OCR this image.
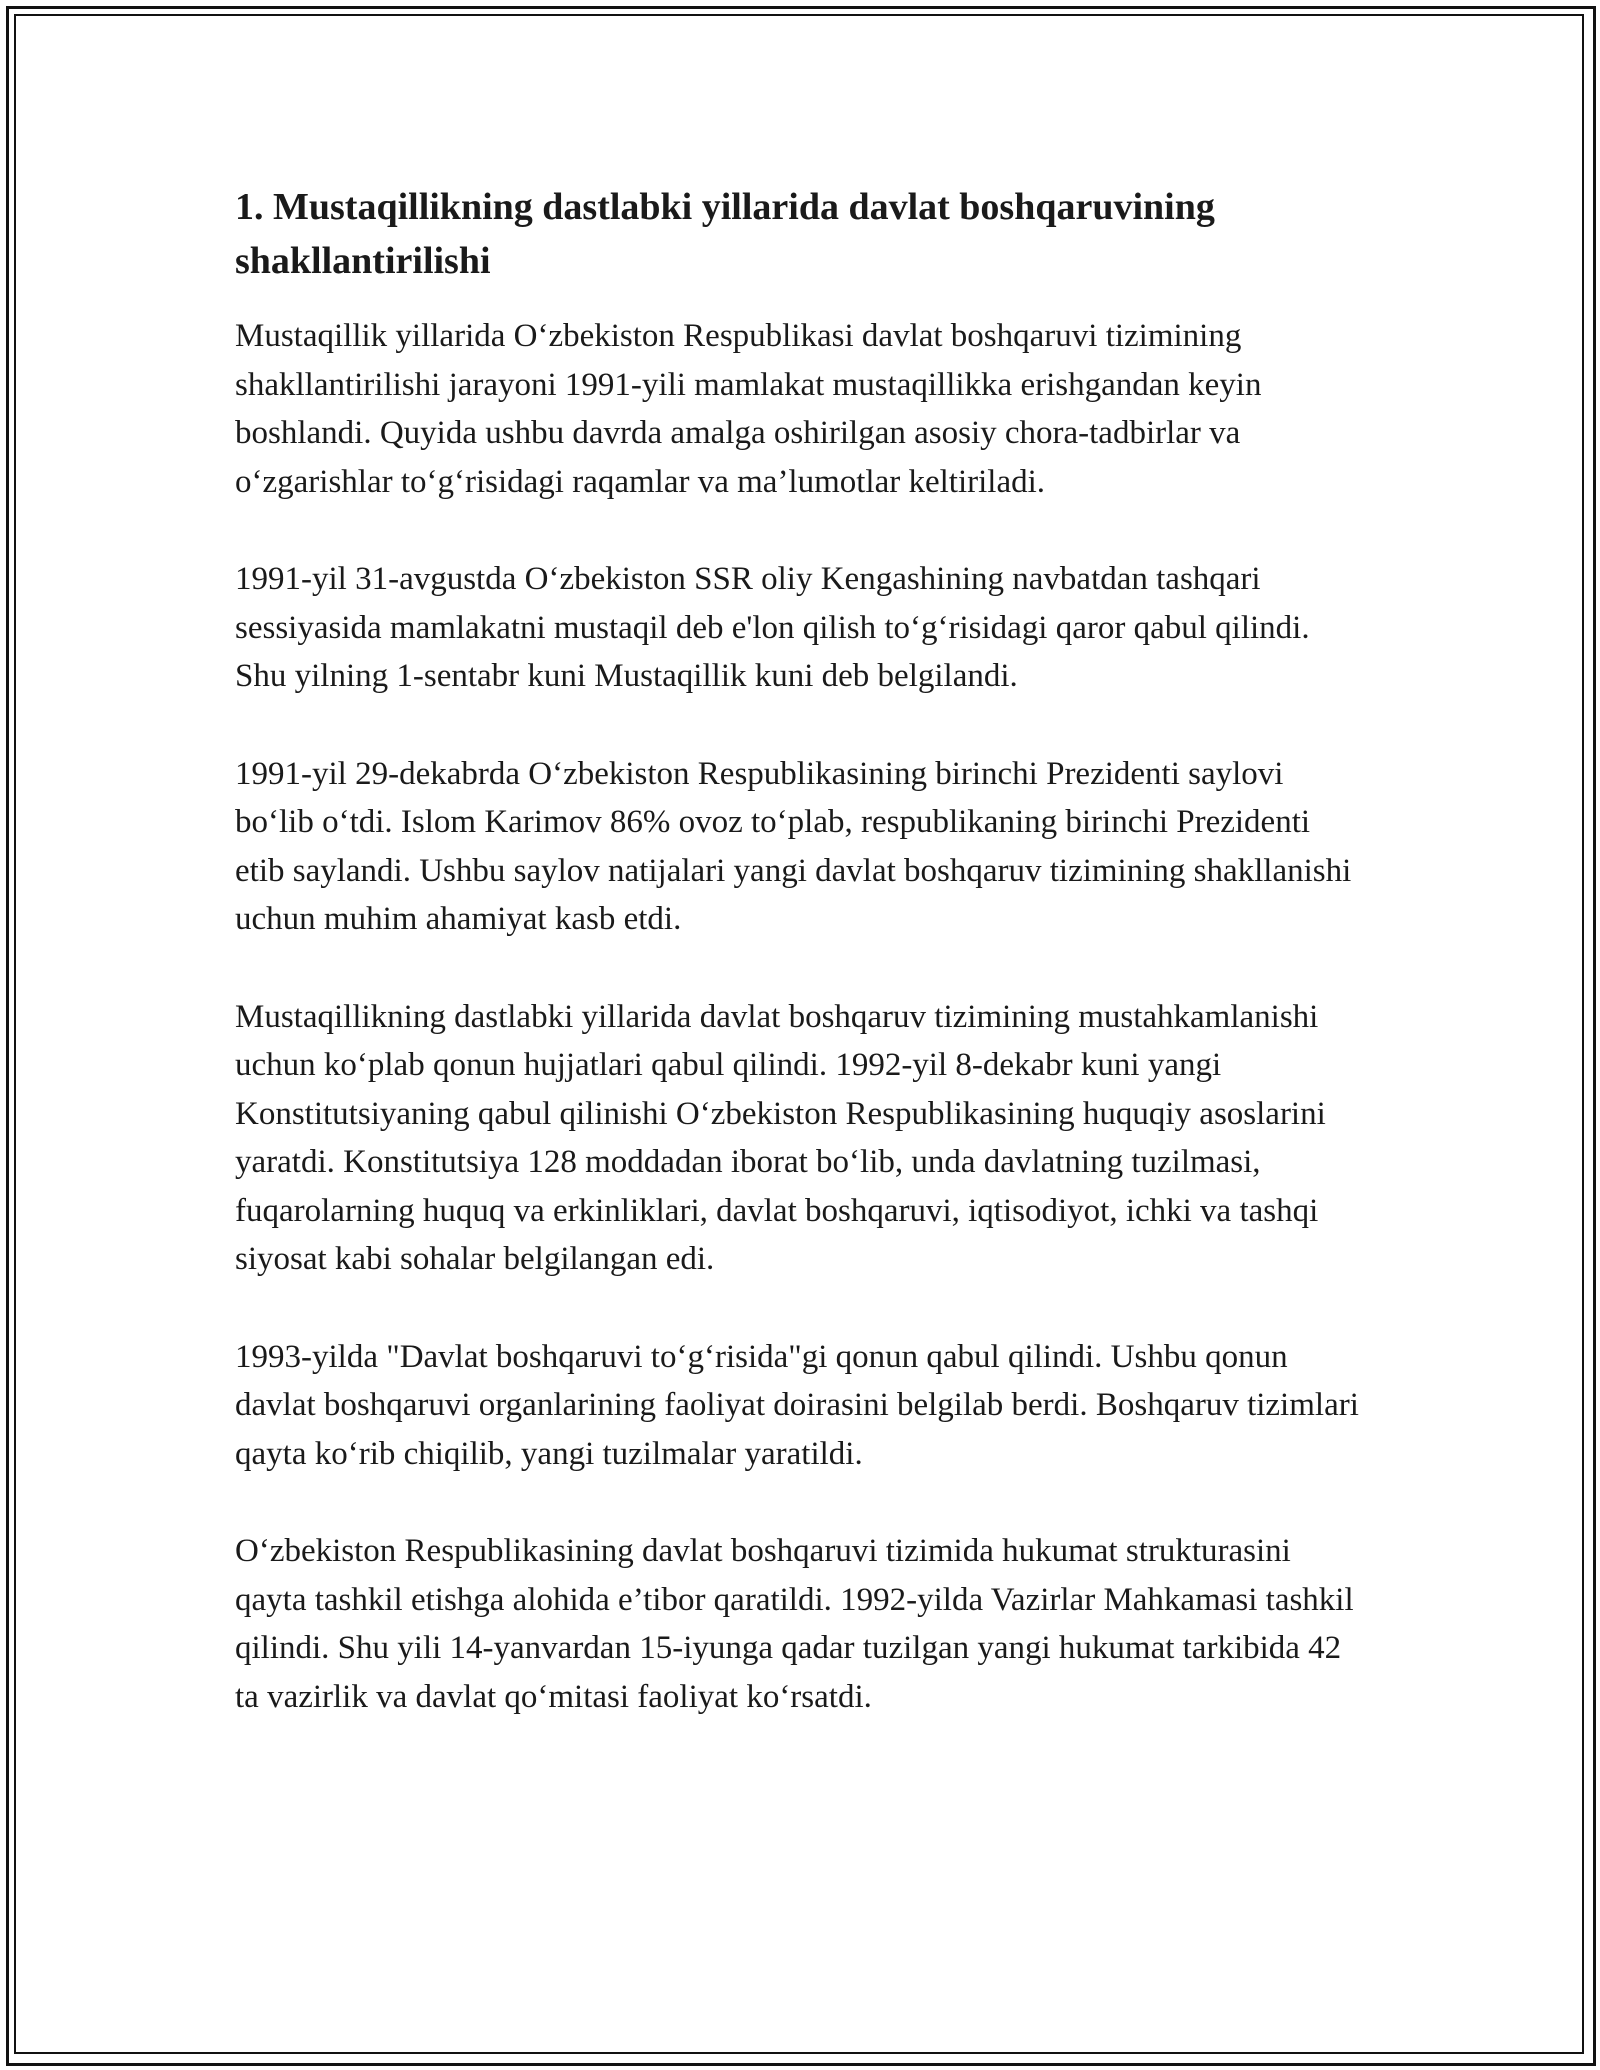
1. Mustaqillikning dastlabki yillarida davlat boshqaruvining shakllantirilishi

Mustaqillik yillarida O‘zbekiston Respublikasi davlat boshqaruvi tizimining shakllantirilishi jarayoni 1991-yili mamlakat mustaqillikka erishgandan keyin boshlandi. Quyida ushbu davrda amalga oshirilgan asosiy chora-tadbirlar va o‘zgarishlar to‘g‘risidagi raqamlar va ma’lumotlar keltiriladi.

1991-yil 31-avgustda O‘zbekiston SSR oliy Kengashining navbatdan tashqari sessiyasida mamlakatni mustaqil deb e'lon qilish to‘g‘risidagi qaror qabul qilindi. Shu yilning 1-sentabr kuni Mustaqillik kuni deb belgilandi.

1991-yil 29-dekabrda O‘zbekiston Respublikasining birinchi Prezidenti saylovi bo‘lib o‘tdi. Islom Karimov 86% ovoz to‘plab, respublikaning birinchi Prezidenti etib saylandi. Ushbu saylov natijalari yangi davlat boshqaruv tizimining shakllanishi uchun muhim ahamiyat kasb etdi.

Mustaqillikning dastlabki yillarida davlat boshqaruv tizimining mustahkamlanishi uchun ko‘plab qonun hujjatlari qabul qilindi. 1992-yil 8-dekabr kuni yangi Konstitutsiyaning qabul qilinishi O‘zbekiston Respublikasining huquqiy asoslarini yaratdi. Konstitutsiya 128 moddadan iborat bo‘lib, unda davlatning tuzilmasi, fuqarolarning huquq va erkinliklari, davlat boshqaruvi, iqtisodiyot, ichki va tashqi siyosat kabi sohalar belgilangan edi.

1993-yilda "Davlat boshqaruvi to‘g‘risida"gi qonun qabul qilindi. Ushbu qonun davlat boshqaruvi organlarining faoliyat doirasini belgilab berdi. Boshqaruv tizimlari qayta ko‘rib chiqilib, yangi tuzilmalar yaratildi.

O‘zbekiston Respublikasining davlat boshqaruvi tizimida hukumat strukturasini qayta tashkil etishga alohida e’tibor qaratildi. 1992-yilda Vazirlar Mahkamasi tashkil qilindi. Shu yili 14-yanvardan 15-iyunga qadar tuzilgan yangi hukumat tarkibida 42 ta vazirlik va davlat qo‘mitasi faoliyat ko‘rsatdi.
